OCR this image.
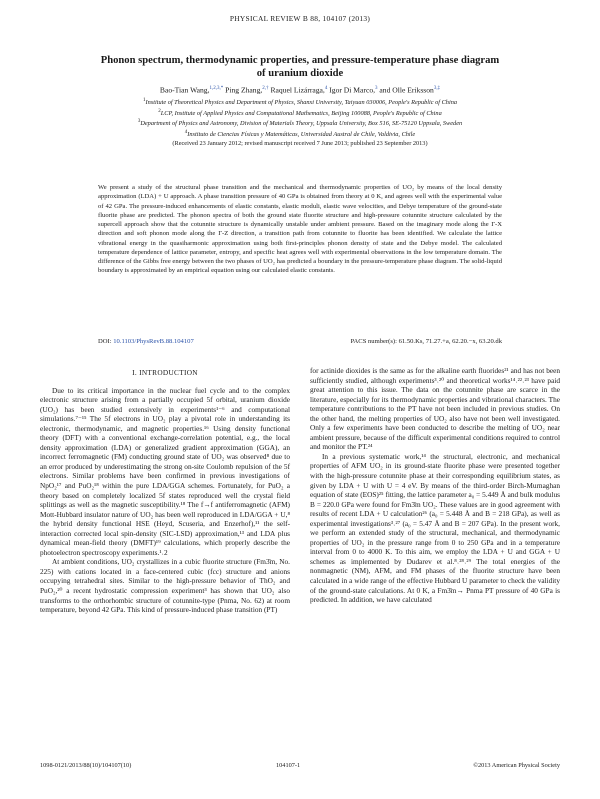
PHYSICAL REVIEW B 88, 104107 (2013)
Phonon spectrum, thermodynamic properties, and pressure-temperature phase diagram
of uranium dioxide
Bao-Tian Wang,$^{1,2,3,*}$ Ping Zhang,$^{2,\dagger}$ Raquel Lizárraga,$^4$ Igor Di Marco,$^3$ and Olle Eriksson$^{3,\ddagger}$
$^1$Institute of Theoretical Physics and Department of Physics, Shanxi University, Taiyuan 030006, People's Republic of China
$^2$LCP, Institute of Applied Physics and Computational Mathematics, Beijing 100088, People's Republic of China
$^3$Department of Physics and Astronomy, Division of Materials Theory, Uppsala University, Box 516, SE-75120 Uppsala, Sweden
$^4$Instituto de Ciencias Físicas y Matemáticas, Universidad Austral de Chile, Valdivia, Chile
(Received 23 January 2012; revised manuscript received 7 June 2013; published 23 September 2013)
We present a study of the structural phase transition and the mechanical and thermodynamic properties of UO₂ by means of the local density approximation (LDA) + U approach. A phase transition pressure of 40 GPa is obtained from theory at 0 K, and agrees well with the experimental value of 42 GPa. The pressure-induced enhancements of elastic constants, elastic moduli, elastic wave velocities, and Debye temperature of the ground-state fluorite phase are predicted. The phonon spectra of both the ground state fluorite structure and high-pressure cotunnite structure calculated by the supercell approach show that the cotunnite structure is dynamically unstable under ambient pressure. Based on the imaginary mode along the Γ-X direction and soft phonon mode along the Γ-Z direction, a transition path from cotunnite to fluorite has been identified. We calculate the lattice vibrational energy in the quasiharmonic approximation using both first-principles phonon density of state and the Debye model. The calculated temperature dependence of lattice parameter, entropy, and specific heat agrees well with experimental observations in the low temperature domain. The difference of the Gibbs free energy between the two phases of UO₂ has predicted a boundary in the pressure-temperature phase diagram. The solid-liquid boundary is approximated by an empirical equation using our calculated elastic constants.
DOI: 10.1103/PhysRevB.88.104107	PACS number(s): 61.50.Ks, 71.27.+a, 62.20.−x, 63.20.dk
I. INTRODUCTION

Due to its critical importance in the nuclear fuel cycle and to the complex electronic structure arising from a partially occupied 5f orbital, uranium dioxide (UO₂) has been studied extensively in experiments¹⁻⁶ and computational simulations.⁷⁻¹⁵ The 5f electrons in UO₂ play a pivotal role in understanding its electronic, thermodynamic, and magnetic properties.¹⁶ Using density functional theory (DFT) with a conventional exchange-correlation potential, e.g., the local density approximation (LDA) or generalized gradient approximation (GGA), an incorrect ferromagnetic (FM) conducting ground state of UO₂ was observed⁸ due to an error produced by underestimating the strong on-site Coulomb repulsion of the 5f electrons. Similar problems have been confirmed in previous investigations of NpO₂¹⁷ and PuO₂¹⁸ within the pure LDA/GGA schemes. Fortunately, for PuO₂ a theory based on completely localized 5f states reproduced well the crystal field splittings as well as the magnetic susceptibility.¹⁸ The f→f antiferromagnetic (AFM) Mott-Hubbard insulator nature of UO₂ has been well reproduced in LDA/GGA + U,⁸ the hybrid density functional HSE (Heyd, Scuseria, and Enzerhof),¹¹ the self-interaction corrected local spin-density (SIC-LSD) approximation,¹³ and LDA plus dynamical mean-field theory (DMFT)¹⁹ calculations, which properly describe the photoelectron spectroscopy experiments.¹˒2

At ambient conditions, UO₂ crystallizes in a cubic fluorite structure (Fm3̄m, No. 225) with cations located in a face-centered cubic (fcc) structure and anions occupying tetrahedral sites. Similar to the high-pressure behavior of ThO₂ and PuO₂,²⁰ a recent hydrostatic compression experiment³ has shown that UO₂ also transforms to the orthorhombic structure of cotunnite-type (Pnma, No. 62) at room temperature, beyond 42 GPa. This kind of pressure-induced phase transition (PT)

for actinide dioxides is the same as for the alkaline earth fluorides²¹ and has not been sufficiently studied, although experiments³˒²⁰ and theoretical works¹⁴˒²²˒²³ have paid great attention to this issue. The data on the cotunnite phase are scarce in the literature, especially for its thermodynamic properties and vibrational characters. The temperature contributions to the PT have not been included in previous studies. On the other hand, the melting properties of UO₂ also have not been well investigated. Only a few experiments have been conducted to describe the melting of UO₂ near ambient pressure, because of the difficult experimental conditions required to control and monitor the PT.²⁴

In a previous systematic work,¹⁴ the structural, electronic, and mechanical properties of AFM UO₂ in its ground-state fluorite phase were presented together with the high-pressure cotunnite phase at their corresponding equilibrium states, as given by LDA + U with U = 4 eV. By means of the third-order Birch-Murnaghan equation of state (EOS)²⁵ fitting, the lattice parameter a₀ = 5.449 Å and bulk modulus B = 220.0 GPa were found for Fm3̄m UO₂. These values are in good agreement with results of recent LDA + U calculation²⁶ (a₀ = 5.448 Å and B = 218 GPa), as well as experimental investigations³˒²⁷ (a₀ = 5.47 Å and B = 207 GPa). In the present work, we perform an extended study of the structural, mechanical, and thermodynamic properties of UO₂ in the pressure range from 0 to 250 GPa and in a temperature interval from 0 to 4000 K. To this aim, we employ the LDA + U and GGA + U schemes as implemented by Dudarev et al.⁸˒²⁸˒²⁹ The total energies of the nonmagnetic (NM), AFM, and FM phases of the fluorite structure have been calculated in a wide range of the effective Hubbard U parameter to check the validity of the ground-state calculations. At 0 K, a Fm3̄m→ Pnma PT pressure of 40 GPa is predicted. In addition, we have calculated

1098-0121/2013/88(10)/104107(10)	104107-1	©2013 American Physical Society
